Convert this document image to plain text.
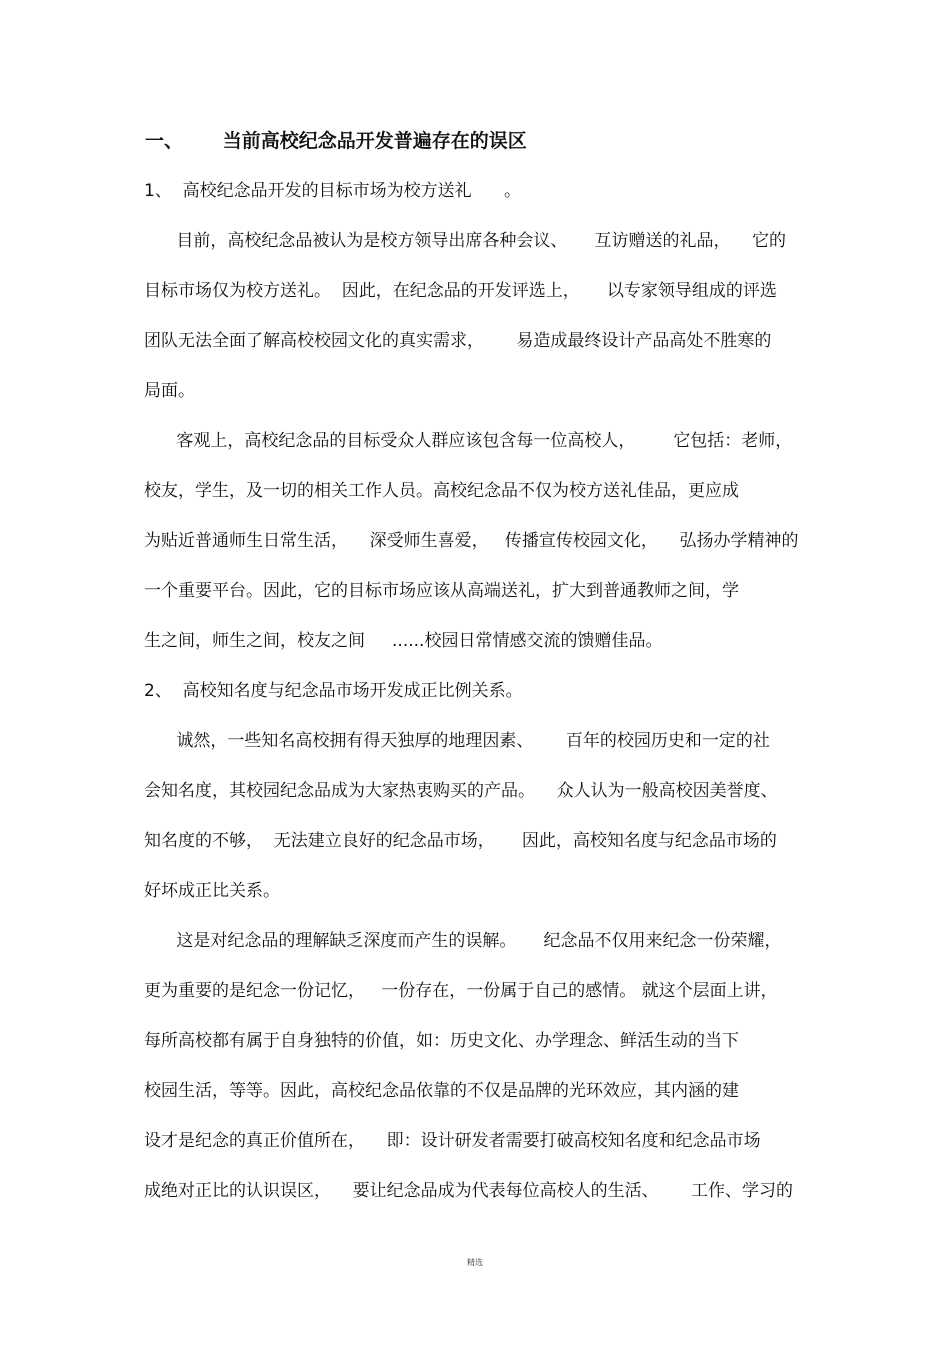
一、      当前高校纪念品开发普遍存在的误区

1、  高校纪念品开发的目标市场为校方送礼      。

目前，高校纪念品被认为是校方领导出席各种会议、     互访赠送的礼品，    它的

目标市场仅为校方送礼。  因此，在纪念品的开发评选上，     以专家领导组成的评选

团队无法全面了解高校校园文化的真实需求，      易造成最终设计产品高处不胜寒的

局面。

客观上，高校纪念品的目标受众人群应该包含每一位高校人，       它包括：老师，

校友，学生，及一切的相关工作人员。高校纪念品不仅为校方送礼佳品，更应成

为贴近普通师生日常生活，    深受师生喜爱，   传播宣传校园文化，    弘扬办学精神的

一个重要平台。因此，它的目标市场应该从高端送礼，扩大到普通教师之间，学

生之间，师生之间，校友之间     ......校园日常情感交流的馈赠佳品。

2、  高校知名度与纪念品市场开发成正比例关系。

诚然，一些知名高校拥有得天独厚的地理因素、      百年的校园历史和一定的社

会知名度，其校园纪念品成为大家热衷购买的产品。    众人认为一般高校因美誉度、

知名度的不够，  无法建立良好的纪念品市场，     因此，高校知名度与纪念品市场的

好坏成正比关系。

这是对纪念品的理解缺乏深度而产生的误解。     纪念品不仅用来纪念一份荣耀，

更为重要的是纪念一份记忆，   一份存在，一份属于自己的感情。 就这个层面上讲，

每所高校都有属于自身独特的价值，如：历史文化、办学理念、鲜活生动的当下

校园生活，等等。因此，高校纪念品依靠的不仅是品牌的光环效应，其内涵的建

设才是纪念的真正价值所在，    即：设计研发者需要打破高校知名度和纪念品市场

成绝对正比的认识误区，    要让纪念品成为代表每位高校人的生活、      工作、学习的

精选
